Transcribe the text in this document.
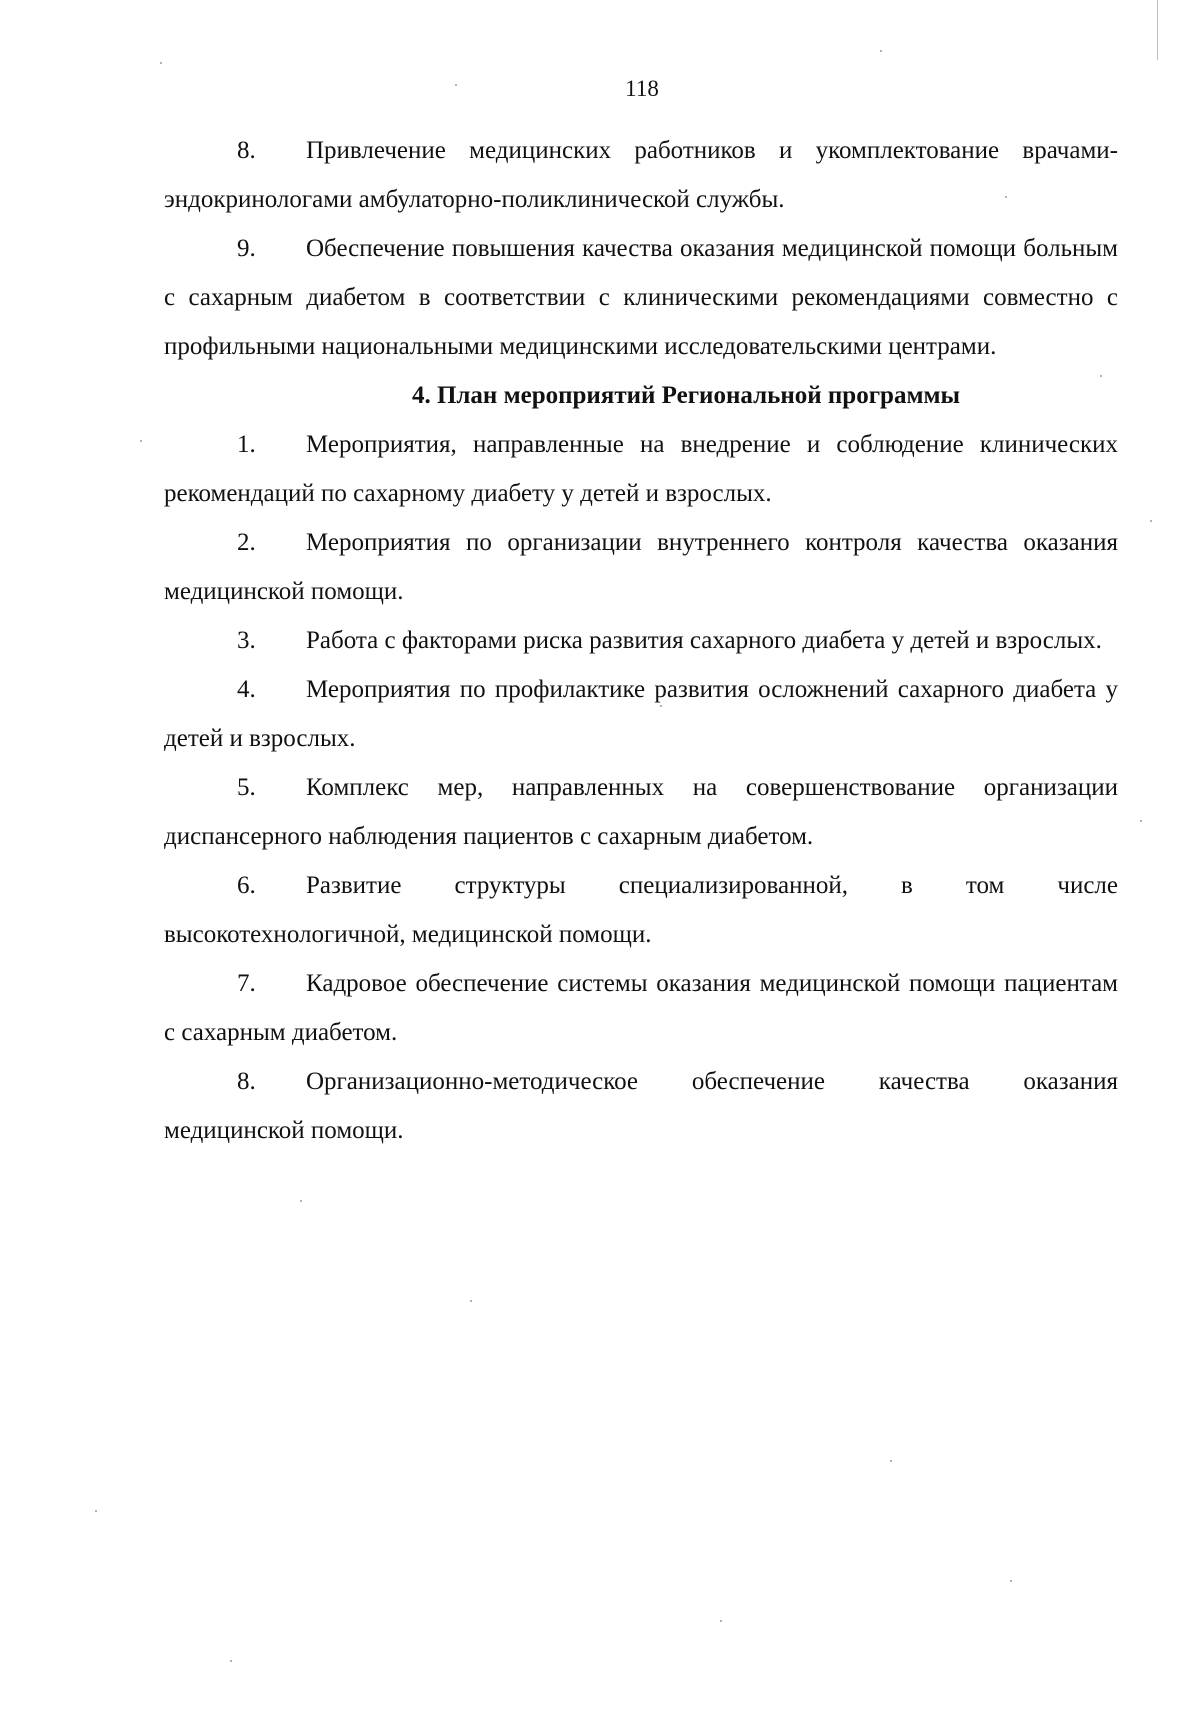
118

8. Привлечение медицинских работников и укомплектование врачами-эндокринологами амбулаторно-поликлинической службы.

9. Обеспечение повышения качества оказания медицинской помощи больным с сахарным диабетом в соответствии с клиническими рекомендациями совместно с профильными национальными медицинскими исследовательскими центрами.

4. План мероприятий Региональной программы

1. Мероприятия, направленные на внедрение и соблюдение клинических рекомендаций по сахарному диабету у детей и взрослых.

2. Мероприятия по организации внутреннего контроля качества оказания медицинской помощи.

3. Работа с факторами риска развития сахарного диабета у детей и взрослых.

4. Мероприятия по профилактике развития осложнений сахарного диабета у детей и взрослых.

5. Комплекс мер, направленных на совершенствование организации диспансерного наблюдения пациентов с сахарным диабетом.

6. Развитие структуры специализированной, в том числе высокотехнологичной, медицинской помощи.

7. Кадровое обеспечение системы оказания медицинской помощи пациентам с сахарным диабетом.

8. Организационно-методическое обеспечение качества оказания медицинской помощи.
